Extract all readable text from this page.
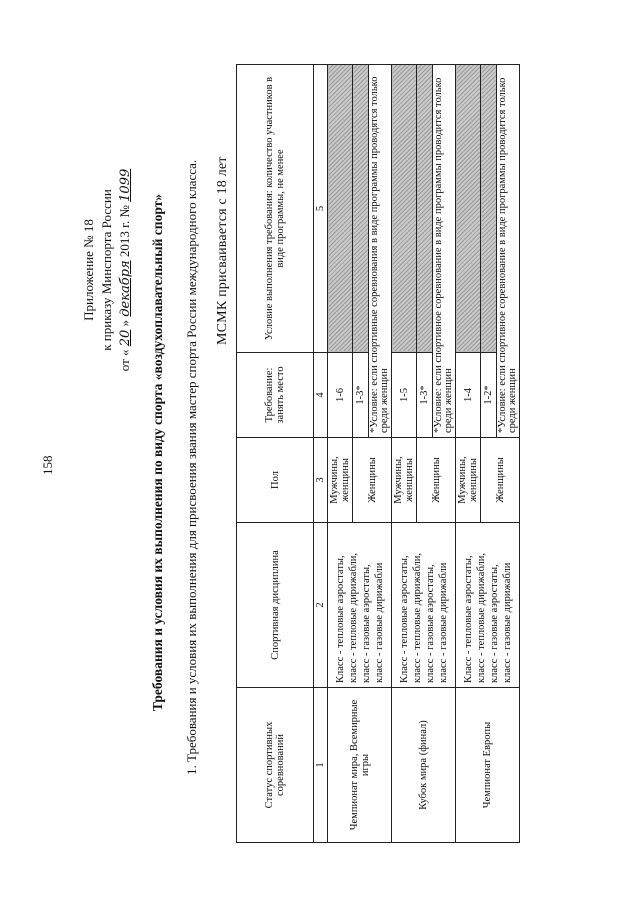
158
Приложение № 18 к приказу Минспорта России
от « 20 » декабря 2013 г. № 1099
Требования и условия их выполнения по виду спорта «воздухоплавательный спорт» 1. Требования и условия их выполнения для присвоения звания мастер спорта России международного класса. МСМК присваивается с 18 лет
Статус спортивных соревнований	Спортивная дисциплина	Пол	Требование: занять место	Условие выполнения требования: количество участников в виде программы, не менее
1	2	3	4	5
Чемпионат мира, Всемирные игры	Класс - тепловые аэростаты, класс - тепловые дирижабли, класс - газовые аэростаты, класс - газовые дирижабли	Мужчины, женщины	1-6	
		Женщины	1-3*	
			*Условие: если спортивные соревнования в виде программы проводятся только среди женщин	
Кубок мира (финал)	Класс - тепловые аэростаты, класс - тепловые дирижабли, класс - газовые аэростаты, класс - газовые дирижабли	Мужчины, женщины	1-5	
		Женщины	1-3*	
			*Условие: если спортивное соревнование в виде программы проводится только среди женщин	
Чемпионат Европы	Класс - тепловые аэростаты, класс - тепловые дирижабли, класс - газовые аэростаты, класс - газовые дирижабли	Мужчины, женщины	1-4	
		Женщины	1-2*	
			*Условие: если спортивное соревнование в виде программы проводится только среди женщин	
